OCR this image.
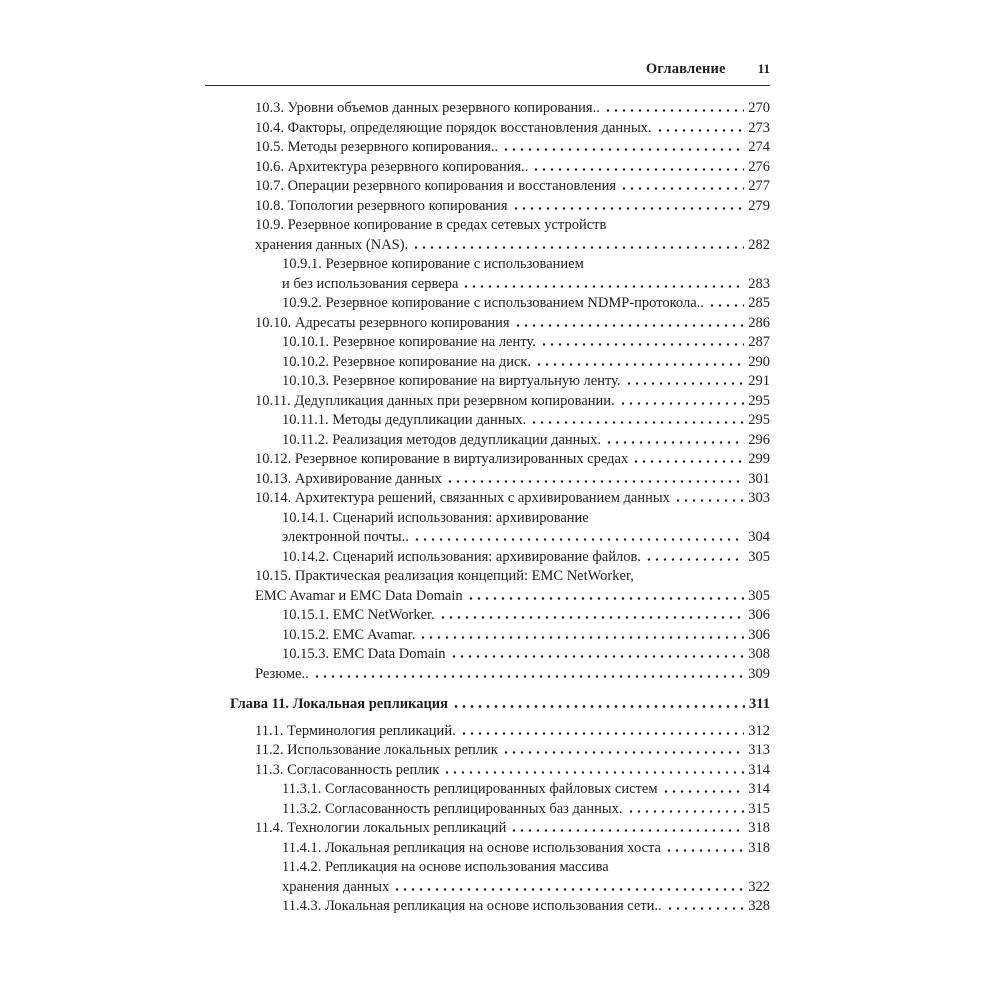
Оглавление 11
10.3. Уровни объемов данных резервного копирования..	270
10.4. Факторы, определяющие порядок восстановления данных.	273
10.5. Методы резервного копирования..	274
10.6. Архитектура резервного копирования..	276
10.7. Операции резервного копирования и восстановления	277
10.8. Топологии резервного копирования	279
10.9. Резервное копирование в средах сетевых устройств
хранения данных (NAS).	282
10.9.1. Резервное копирование с использованием
и без использования сервера	283
10.9.2. Резервное копирование с использованием NDMP-протокола..	285
10.10. Адресаты резервного копирования	286
10.10.1. Резервное копирование на ленту.	287
10.10.2. Резервное копирование на диск.	290
10.10.3. Резервное копирование на виртуальную ленту.	291
10.11. Дедупликация данных при резервном копировании.	295
10.11.1. Методы дедупликации данных.	295
10.11.2. Реализация методов дедупликации данных.	296
10.12. Резервное копирование в виртуализированных средах	299
10.13. Архивирование данных	301
10.14. Архитектура решений, связанных с архивированием данных	303
10.14.1. Сценарий использования: архивирование
электронной почты..	304
10.14.2. Сценарий использования: архивирование файлов.	305
10.15. Практическая реализация концепций: EMC NetWorker,
EMC Avamar и EMC Data Domain	305
10.15.1. EMC NetWorker.	306
10.15.2. EMC Avamar.	306
10.15.3. EMC Data Domain	308
Резюме..	309
Глава 11. Локальная репликация	311
11.1. Терминология репликаций.	312
11.2. Использование локальных реплик	313
11.3. Согласованность реплик	314
11.3.1. Согласованность реплицированных файловых систем	314
11.3.2. Согласованность реплицированных баз данных.	315
11.4. Технологии локальных репликаций	318
11.4.1. Локальная репликация на основе использования хоста	318
11.4.2. Репликация на основе использования массива
хранения данных	322
11.4.3. Локальная репликация на основе использования сети..	328
